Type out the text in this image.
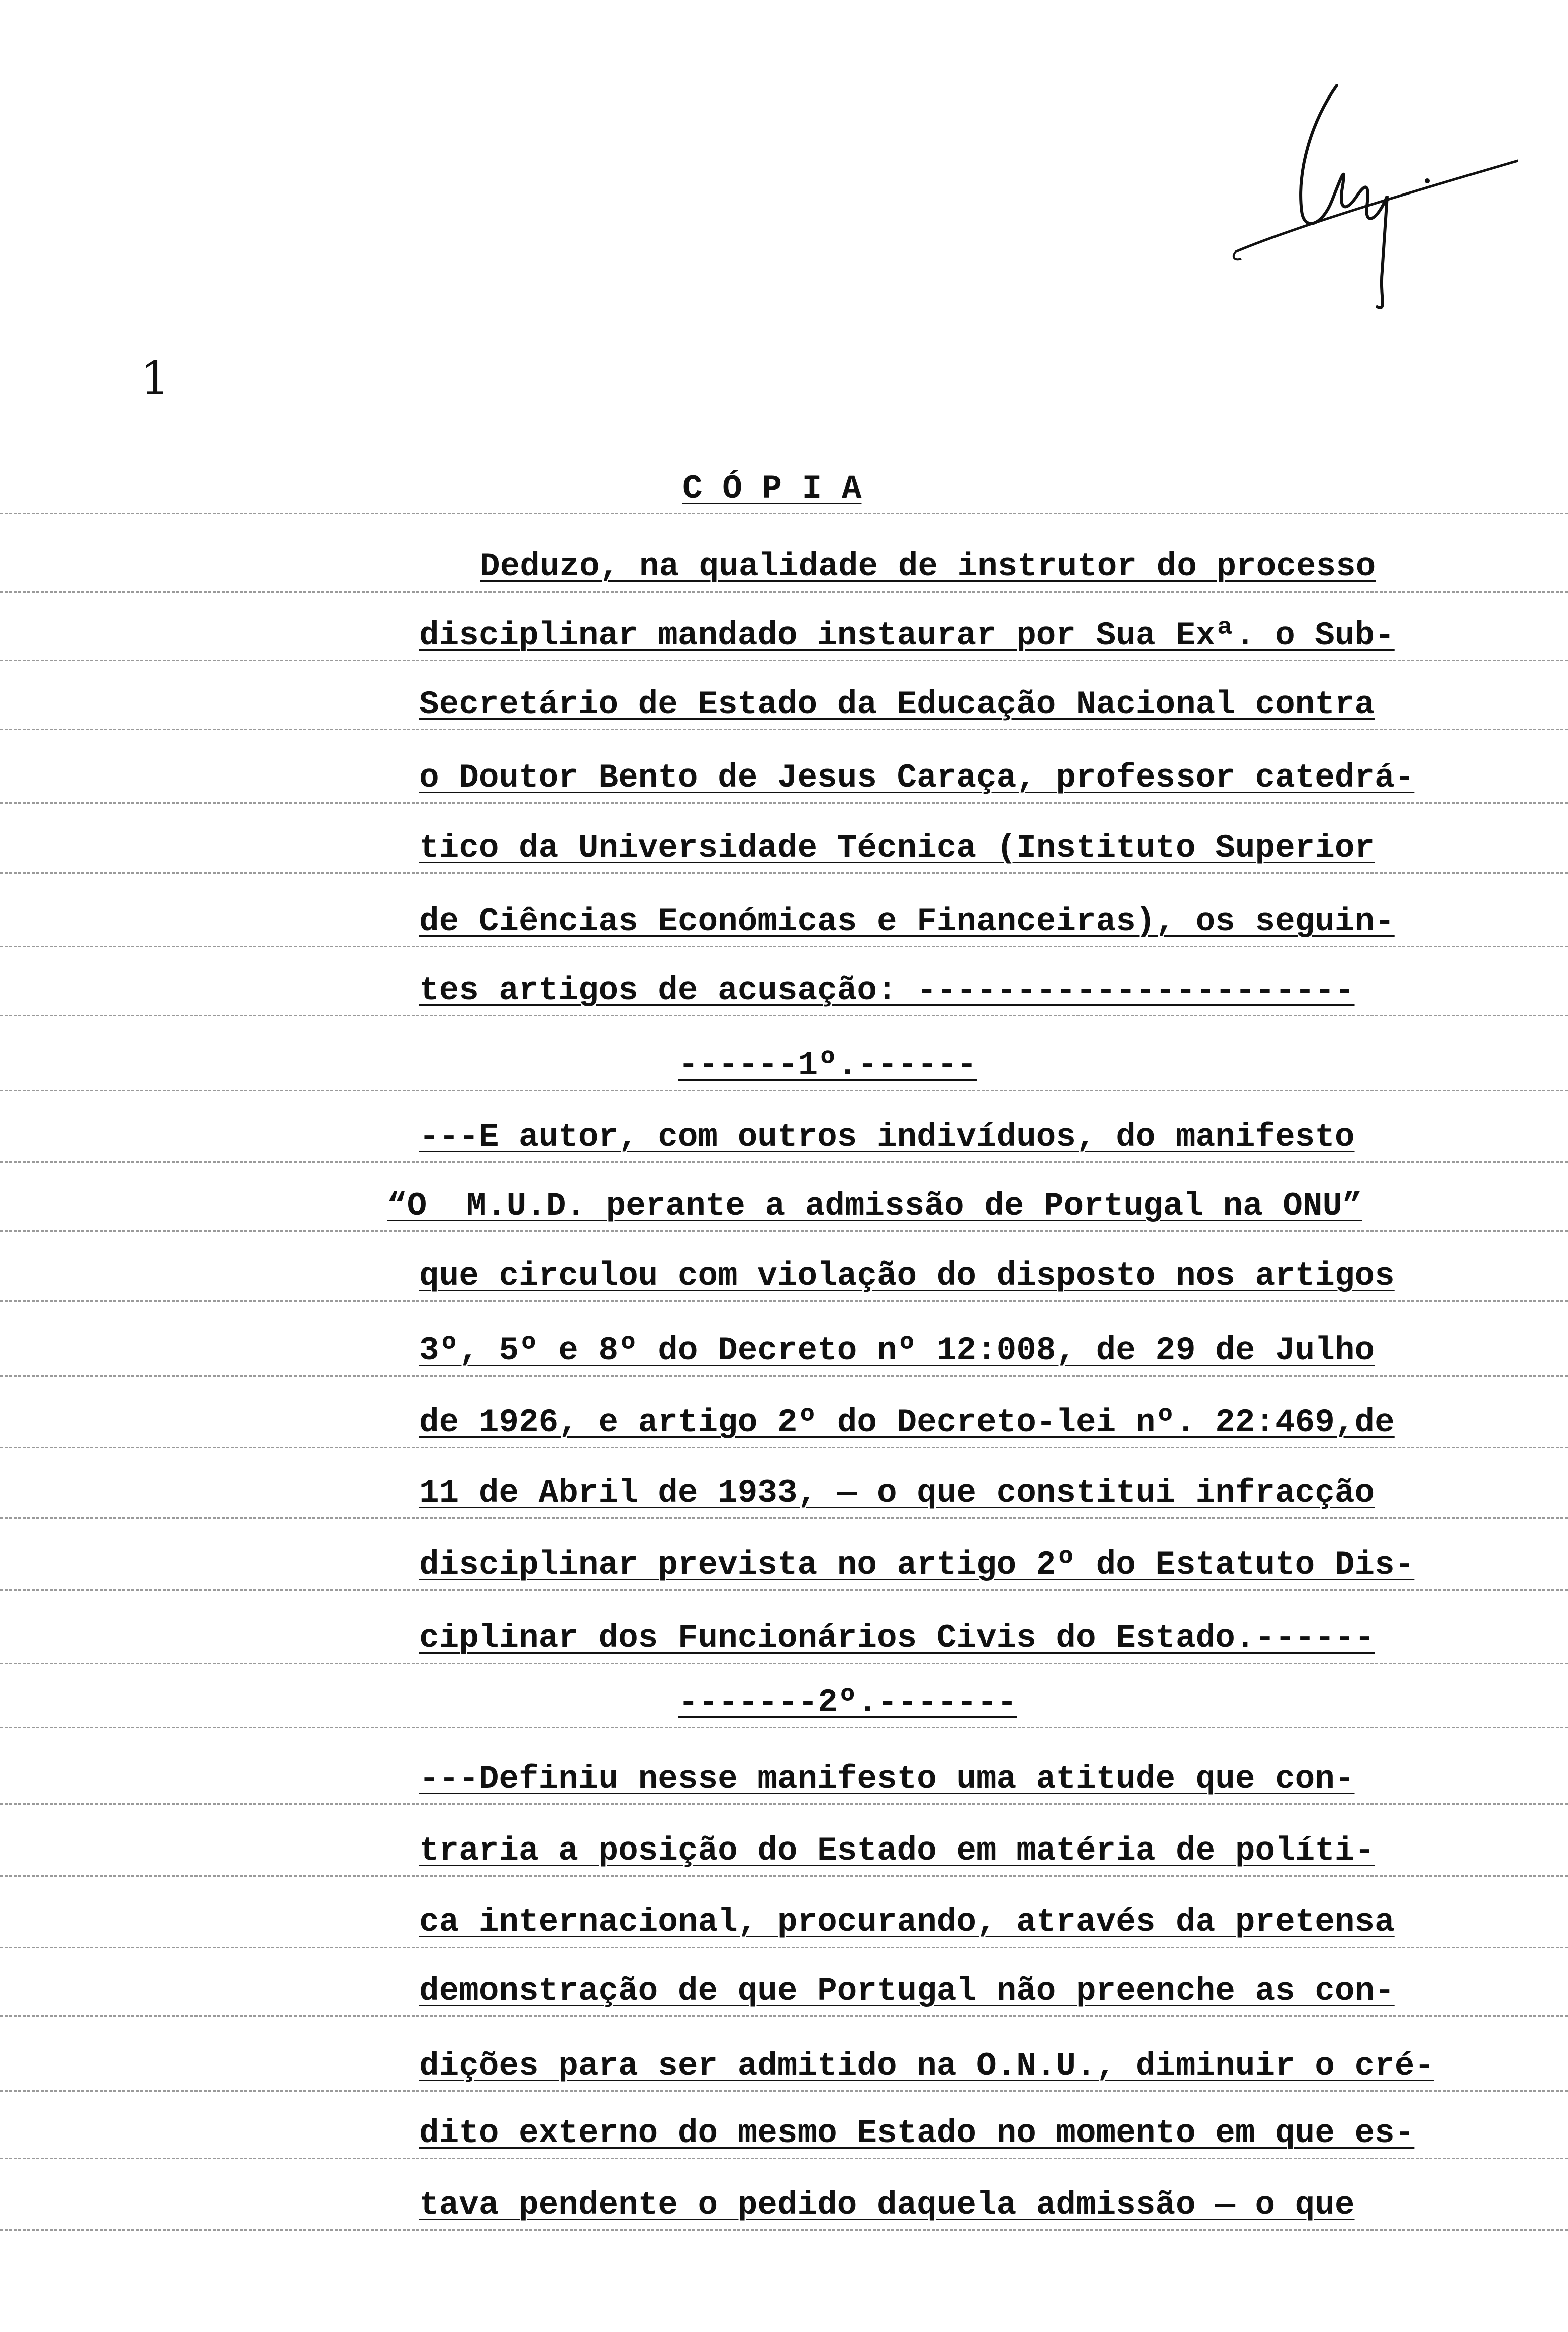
1
C Ó P I A
Deduzo, na qualidade de instrutor do processo
disciplinar mandado instaurar por Sua Exª. o Sub-
Secretário de Estado da Educação Nacional contra
o Doutor Bento de Jesus Caraça, professor catedrá-
tico da Universidade Técnica (Instituto Superior
de Ciências Económicas e Financeiras), os seguin-
tes artigos de acusação: ----------------------
------1º.------
---E autor, com outros indivíduos, do manifesto
“O  M.U.D. perante a admissão de Portugal na ONU”
que circulou com violação do disposto nos artigos
3º, 5º e 8º do Decreto nº 12:008, de 29 de Julho
de 1926, e artigo 2º do Decreto-lei nº. 22:469,de
11 de Abril de 1933, — o que constitui infracção
disciplinar prevista no artigo 2º do Estatuto Dis-
ciplinar dos Funcionários Civis do Estado.------
-------2º.-------
---Definiu nesse manifesto uma atitude que con-
traria a posição do Estado em matéria de políti-
ca internacional, procurando, através da pretensa
demonstração de que Portugal não preenche as con-
dições para ser admitido na O.N.U., diminuir o cré-
dito externo do mesmo Estado no momento em que es-
tava pendente o pedido daquela admissão — o que
